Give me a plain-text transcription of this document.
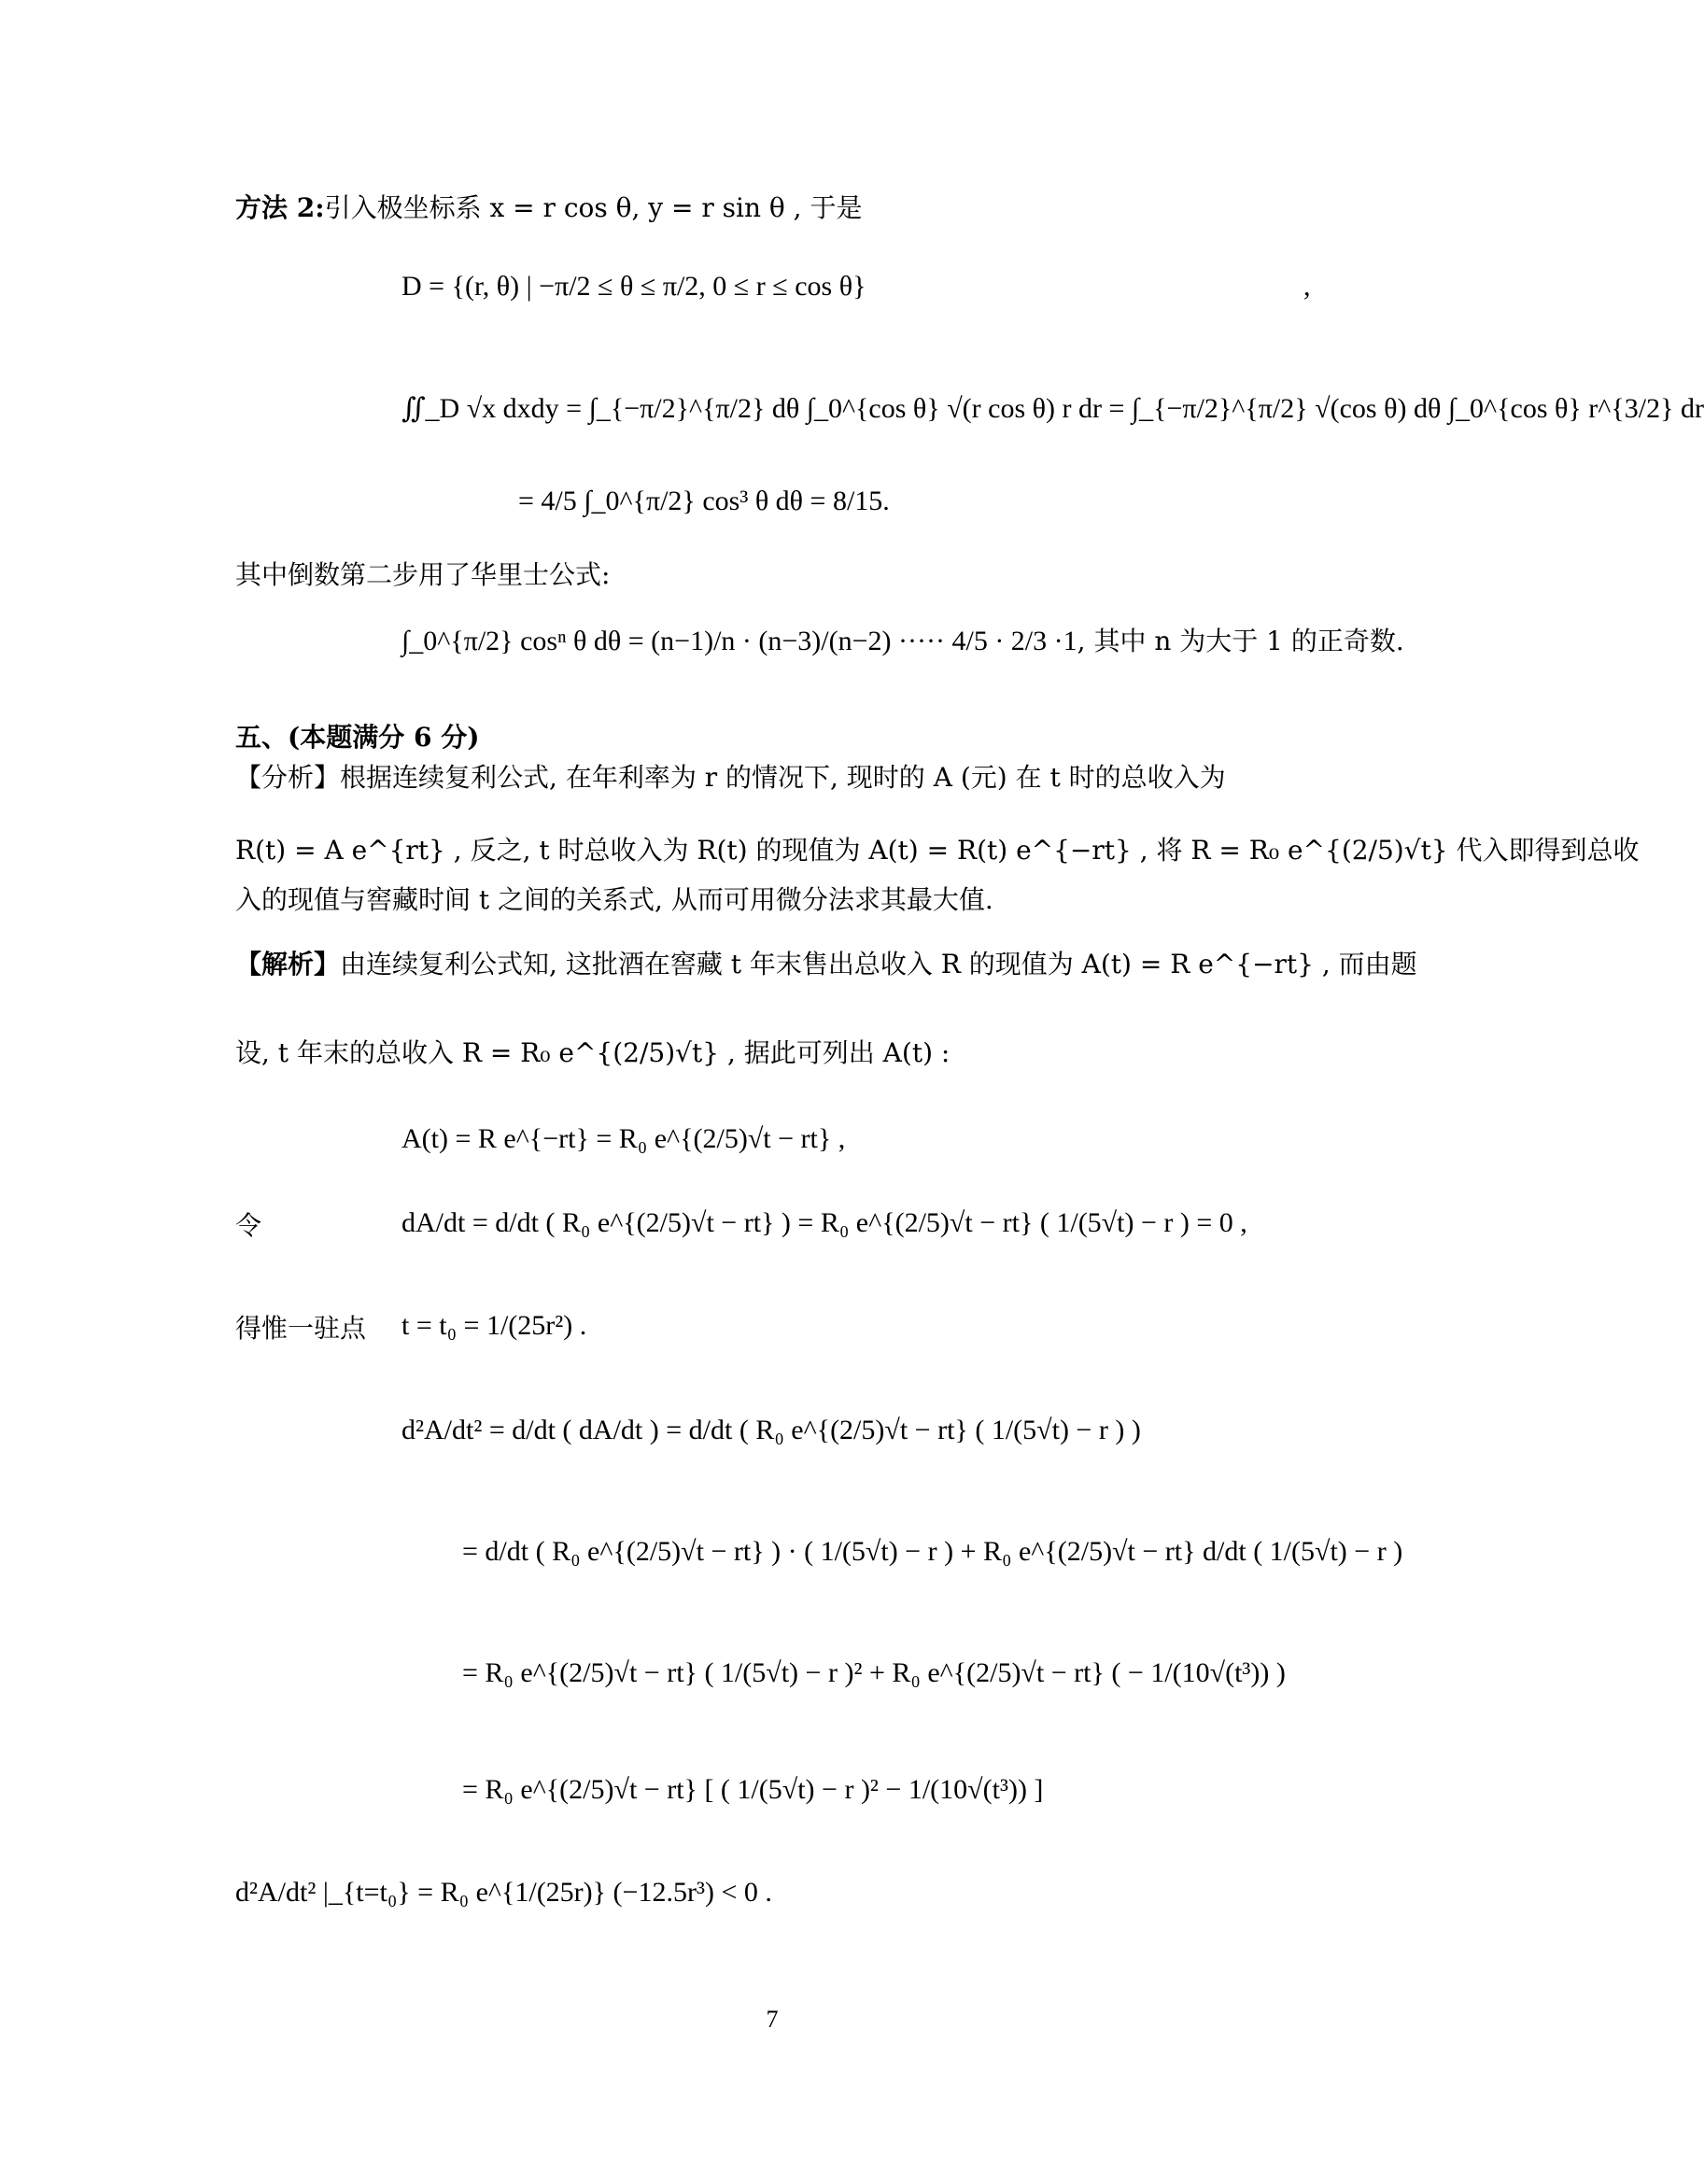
方法 2:引入极坐标系 x = r cos θ, y = r sin θ , 于是
D = {(r, θ) | −π/2 ≤ θ ≤ π/2, 0 ≤ r ≤ cos θ}	,
∬_D √x dxdy = ∫_{−π/2}^{π/2} dθ ∫_0^{cos θ} √(r cos θ) r dr = ∫_{−π/2}^{π/2} √(cos θ) dθ ∫_0^{cos θ} r^{3/2} dr
= 4/5 ∫_0^{π/2} cos³ θ dθ = 8/15.
其中倒数第二步用了华里士公式:
∫_0^{π/2} cosⁿ θ dθ = (n−1)/n · (n−3)/(n−2) ····· 4/5 · 2/3 ·1, 其中 n 为大于 1 的正奇数.
五、(本题满分 6 分)
【分析】根据连续复利公式, 在年利率为 r 的情况下, 现时的 A (元) 在 t 时的总收入为
R(t) = A e^{rt} , 反之, t 时总收入为 R(t) 的现值为 A(t) = R(t) e^{−rt} , 将 R = R₀ e^{(2/5)√t} 代入即得到总收
入的现值与窖藏时间 t 之间的关系式, 从而可用微分法求其最大值.
【解析】由连续复利公式知, 这批酒在窖藏 t 年末售出总收入 R 的现值为 A(t) = R e^{−rt} , 而由题
设, t 年末的总收入 R = R₀ e^{(2/5)√t} , 据此可列出 A(t) :
A(t) = R e^{−rt} = R₀ e^{(2/5)√t − rt} ,
令	dA/dt = d/dt ( R₀ e^{(2/5)√t − rt} ) = R₀ e^{(2/5)√t − rt} ( 1/(5√t) − r ) = 0 ,
得惟一驻点 t = t₀ = 1/(25r²) .
d²A/dt² = d/dt ( dA/dt ) = d/dt ( R₀ e^{(2/5)√t − rt} ( 1/(5√t) − r ) )
= d/dt ( R₀ e^{(2/5)√t − rt} ) · ( 1/(5√t) − r ) + R₀ e^{(2/5)√t − rt} d/dt ( 1/(5√t) − r )
= R₀ e^{(2/5)√t − rt} ( 1/(5√t) − r )² + R₀ e^{(2/5)√t − rt} ( − 1/(10√(t³)) )
= R₀ e^{(2/5)√t − rt} [ ( 1/(5√t) − r )² − 1/(10√(t³)) ]
d²A/dt² |_{t=t₀} = R₀ e^{1/(25r)} (−12.5r³) < 0 .
7
